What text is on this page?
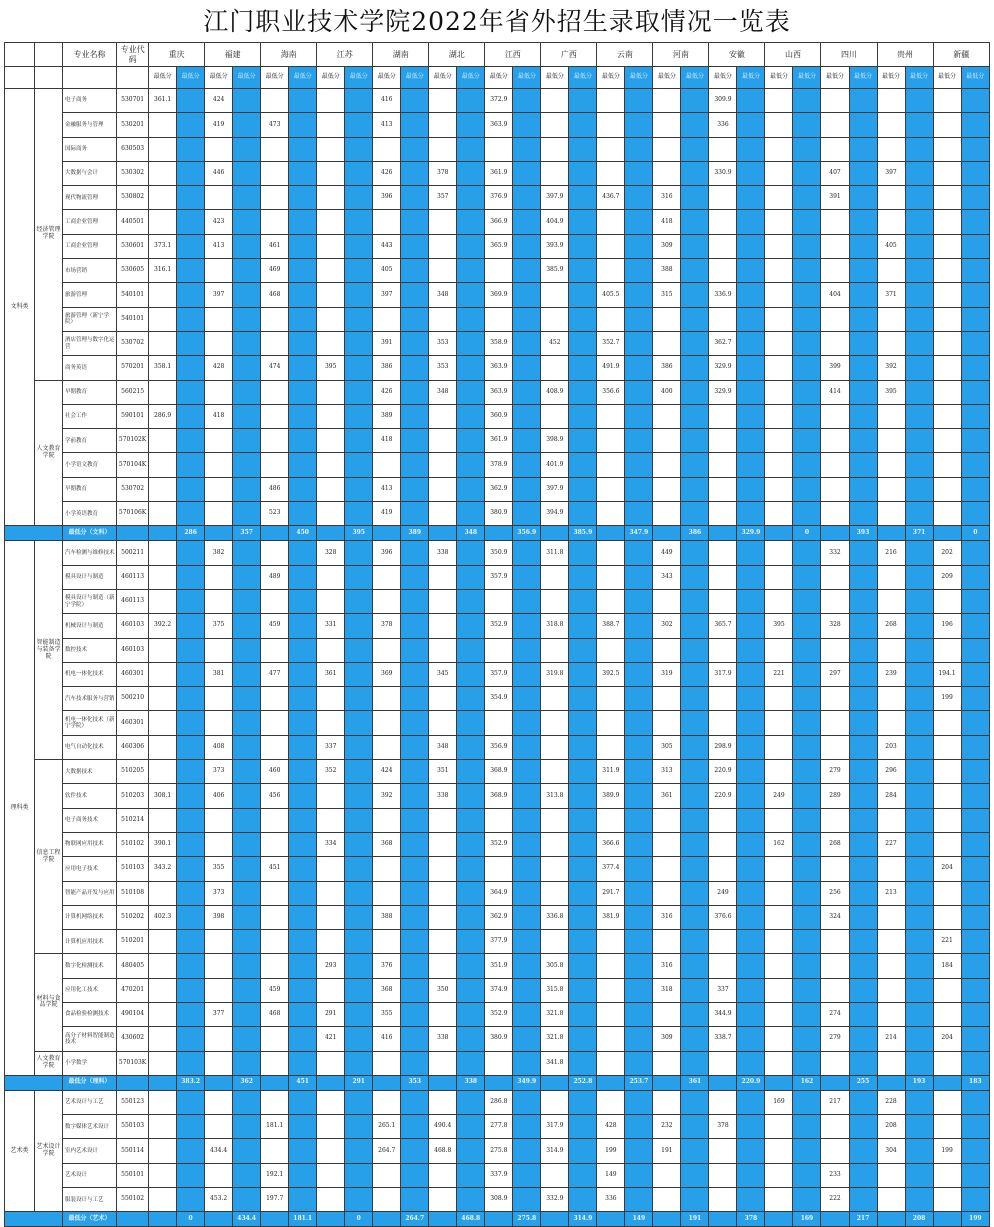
江门职业技术学院2022年省外招生录取情况一览表
		专业名称	专业代码	重庆		福建		海南		江苏		湖南		湖北		江西		广西		云南		河南		安徽		山西		四川		贵州		新疆	
				最低分	最低分	最低分	最低分	最低分	最低分	最低分	最低分	最低分	最低分	最低分	最低分	最低分	最低分	最低分	最低分	最低分	最低分	最低分	最低分	最低分	最低分	最低分	最低分	最低分	最低分	最低分	最低分	最低分	最低分
文科类	经济管理学院	电子商务	530701	361.1		424						416				372.9								309.9									
		金融服务与管理	530201			419		473				413				363.9								336									
		国际商务	630503																														
		大数据与会计	530302			446						426		378		361.9								330.9				407		397			
		现代物流管理	530802									396		357		376.9		397.9		436.7		316						391					
		工商企业管理	440501			423										366.9		404.9				418											
		工商企业管理	530601	373.1		413		461				443				365.9		393.9				309								405			
		市场营销	530605	316.1				469				405						385.9				388											
		旅游管理	540101			397		468				397		348		369.9				405.5		315		336.9				404		371			
		旅游管理（新宁学院）	540101																														
		酒店管理与数字化运营	530702									391		353		358.9		452		352.7				362.7									
		商务英语	570201	358.1		428		474		395		386		353		363.9				491.9		386		329.9				399		392			
	人文教育学院	早期教育	560215									426		348		363.9		408.9		356.6		400		329.9				414		395			
		社会工作	590101	286.9		418						389				360.9																	
		学前教育	570102K									418				361.9		398.9															
		小学语文教育	570104K													378.9		401.9															
		早期教育	530702					486				413				362.9		397.9															
		小学英语教育	570106K					523				419				380.9		394.9															
		最低分（文科）			286		357		450		395		389		348		356.9		385.9		347.9		386		329.9		0		393		371		0
理科类	智能制造与装备学院	汽车检测与维修技术	500211			382				328		396		338		350.9		311.8				449						332		216		202	
		模具设计与制造	460113					489								357.9						343										209	
		模具设计与制造（新宁学院）	460113																														
		机械设计与制造	460103	392.2		375		459		331		378				352.9		318.8		388.7		302		365.7		395		328		268		196	
		数控技术	460103																														
		机电一体化技术	460301			381		477		361		369		345		357.9		319.8		392.5		319		317.9		221		297		239		194.1	
		汽车技术服务与营销	500210													354.9																199	
		机电一体化技术（新宁学院）	460301																														
		电气自动化技术	460306			408				337				348		356.9						305		298.9						203			
	信息工程学院	大数据技术	510205			373		460		352		424		351		368.9				311.9		313		220.9				279		296			
		软件技术	510203	308.1		406		456				392		338		368.9		313.8		389.9		361		220.9		249		289		284			
		电子商务技术	510214																														
		物联网应用技术	510102	390.1						334		368				352.9				366.6						162		268		227			
		应用电子技术	510103	343.2		355		451												377.4												204	
		智能产品开发与应用	510108			373										364.9				291.7				249				256		213			
		计算机网络技术	510202	402.3		398						388				362.9		336.8		381.9		316		376.6				324					
		计算机应用技术	510201													377.9																221	
	材料与食品学院	数字化检测技术	480405							293		376				351.9		305.8				316										184	
		应用化工技术	470201					459				368		350		374.9		315.8				318		337									
		食品检验检测技术	490104			377		468		291		355				352.9		321.8						344.9				274					
		高分子材料智能制造技术	430602							421		416		338		380.9		321.8				309		338.7				279		214		204	
	人文教育学院	小学数学	570103K															341.8															
		最低分（理科）			383.2		362		451		291		353		338		349.9		252.8		253.7		361		220.9		162		255		193		183
艺术类	艺术设计学院	艺术设计与工艺	550123													286.8										169		217		228			
		数字媒体艺术设计	550103					181.1				265.1		490.4		277.8		317.9		428		232		378						208			
		室内艺术设计	550114			434.4						264.7		468.8		275.8		314.9		199		191								304		199	
		艺术设计	550101					192.1								337.9				149								233					
		服装设计与工艺	550102			453.2		197.7								308.9		332.9		336								222					
		最低分（艺术）			0		434.4		181.1		0		264.7		468.8		275.8		314.9		149		191		378		169		217		208		199
